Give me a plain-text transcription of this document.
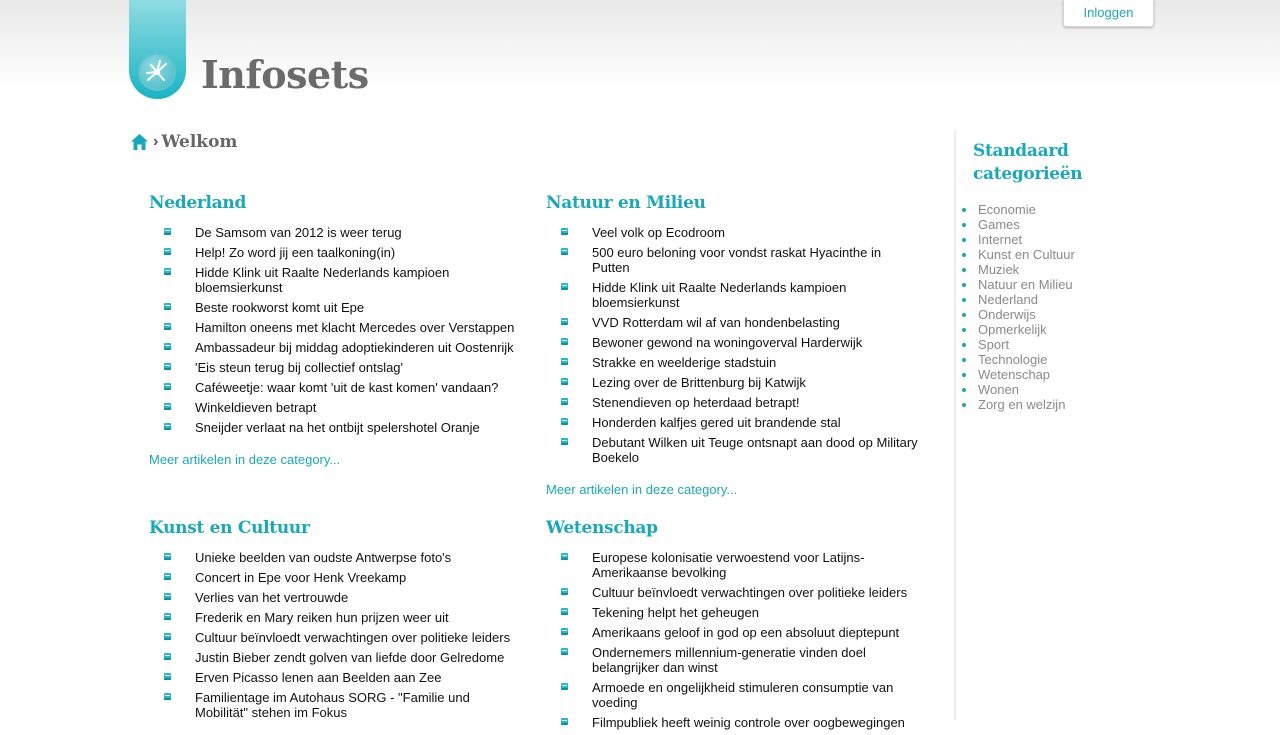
Infosets
Inloggen
› Welkom
Nederland
De Samsom van 2012 is weer terug
Help! Zo word jij een taalkoning(in)
Hidde Klink uit Raalte Nederlands kampioen bloemsierkunst
Beste rookworst komt uit Epe
Hamilton oneens met klacht Mercedes over Verstappen
Ambassadeur bij middag adoptiekinderen uit Oostenrijk
'Eis steun terug bij collectief ontslag'
Caféweetje: waar komt 'uit de kast komen' vandaan?
Winkeldieven betrapt
Sneijder verlaat na het ontbijt spelershotel Oranje
Meer artikelen in deze category...
Natuur en Milieu
Veel volk op Ecodroom
500 euro beloning voor vondst raskat Hyacinthe in Putten
Hidde Klink uit Raalte Nederlands kampioen bloemsierkunst
VVD Rotterdam wil af van hondenbelasting
Bewoner gewond na woningoverval Harderwijk
Strakke en weelderige stadstuin
Lezing over de Brittenburg bij Katwijk
Stenendieven op heterdaad betrapt!
Honderden kalfjes gered uit brandende stal
Debutant Wilken uit Teuge ontsnapt aan dood op Military Boekelo
Meer artikelen in deze category...
Kunst en Cultuur
Unieke beelden van oudste Antwerpse foto's
Concert in Epe voor Henk Vreekamp
Verlies van het vertrouwde
Frederik en Mary reiken hun prijzen weer uit
Cultuur beïnvloedt verwachtingen over politieke leiders
Justin Bieber zendt golven van liefde door Gelredome
Erven Picasso lenen aan Beelden aan Zee
Familientage im Autohaus SORG - "Familie und Mobilität" stehen im Fokus
Wetenschap
Europese kolonisatie verwoestend voor Latijns-Amerikaanse bevolking
Cultuur beïnvloedt verwachtingen over politieke leiders
Tekening helpt het geheugen
Amerikaans geloof in god op een absoluut dieptepunt
Ondernemers millennium-generatie vinden doel belangrijker dan winst
Armoede en ongelijkheid stimuleren consumptie van voeding
Filmpubliek heeft weinig controle over oogbewegingen
Standaard categorieën
Economie
Games
Internet
Kunst en Cultuur
Muziek
Natuur en Milieu
Nederland
Onderwijs
Opmerkelijk
Sport
Technologie
Wetenschap
Wonen
Zorg en welzijn
